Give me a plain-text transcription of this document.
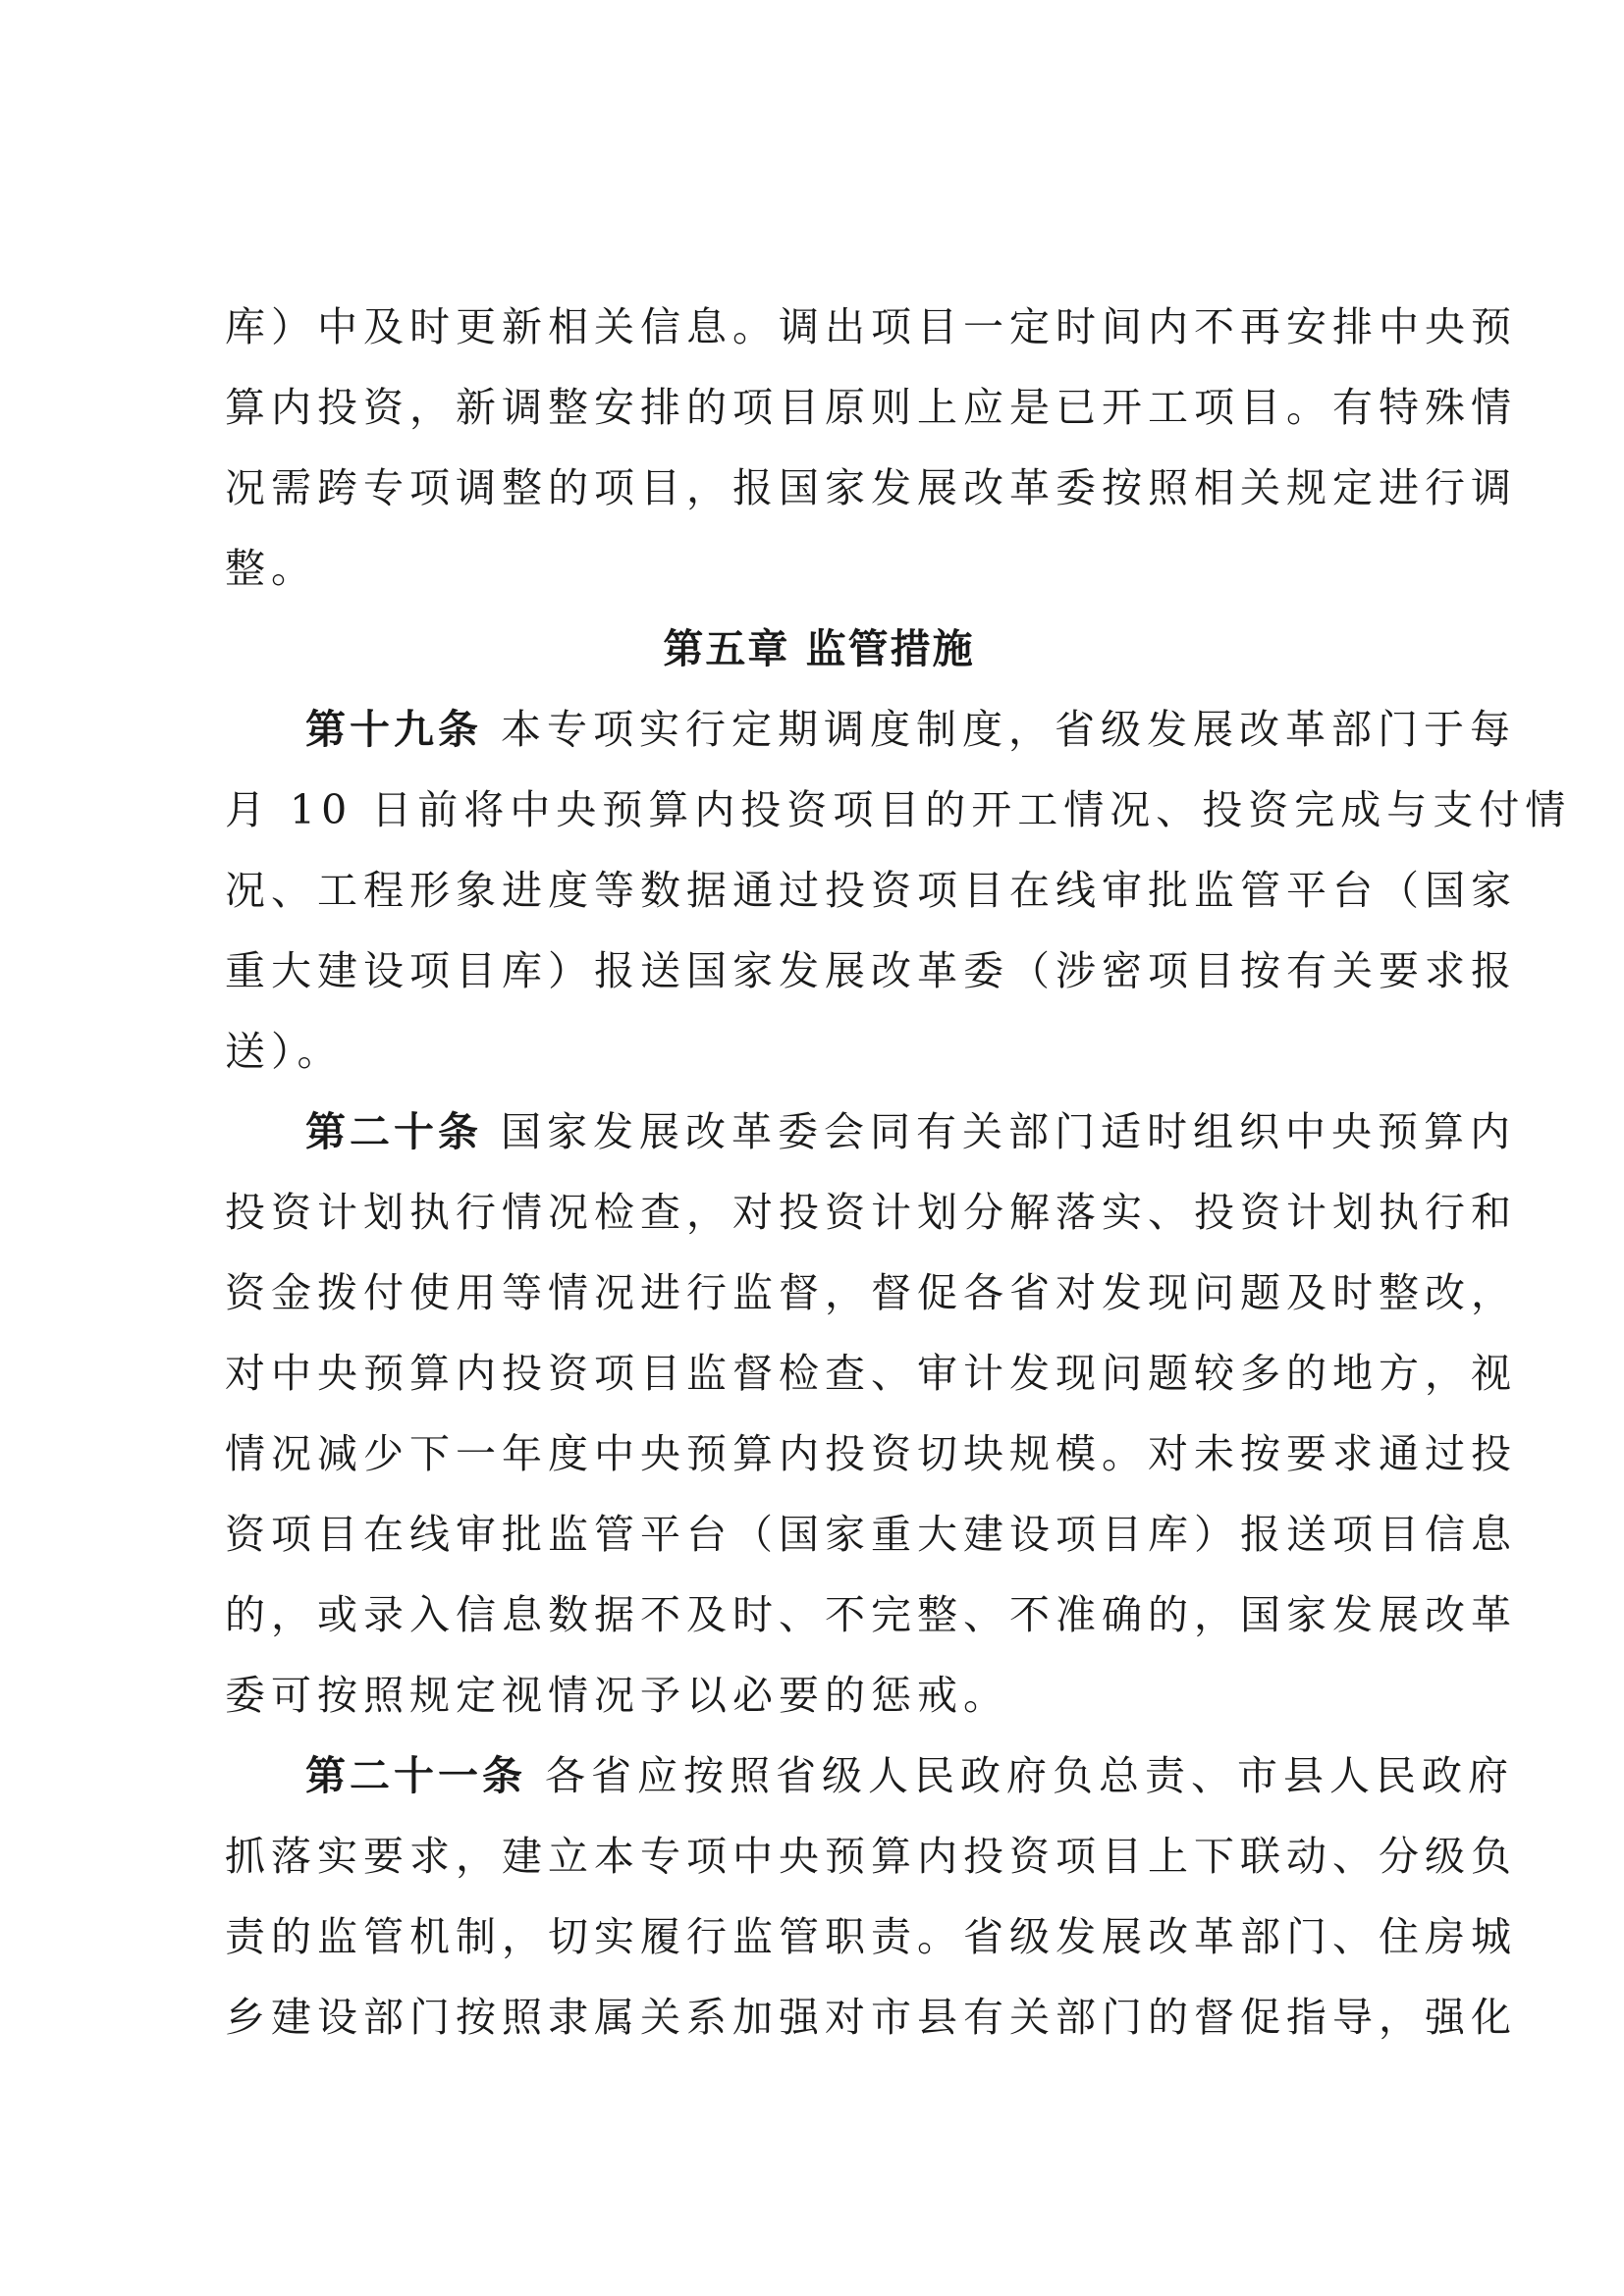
库）中及时更新相关信息。调出项目一定时间内不再安排中央预
算内投资，新调整安排的项目原则上应是已开工项目。有特殊情
况需跨专项调整的项目，报国家发展改革委按照相关规定进行调
整。
第五章 监管措施
第十九条 本专项实行定期调度制度，省级发展改革部门于每
月 10 日前将中央预算内投资项目的开工情况、投资完成与支付情
况、工程形象进度等数据通过投资项目在线审批监管平台（国家
重大建设项目库）报送国家发展改革委（涉密项目按有关要求报
送）。
第二十条 国家发展改革委会同有关部门适时组织中央预算内
投资计划执行情况检查，对投资计划分解落实、投资计划执行和
资金拨付使用等情况进行监督，督促各省对发现问题及时整改，
对中央预算内投资项目监督检查、审计发现问题较多的地方，视
情况减少下一年度中央预算内投资切块规模。对未按要求通过投
资项目在线审批监管平台（国家重大建设项目库）报送项目信息
的，或录入信息数据不及时、不完整、不准确的，国家发展改革
委可按照规定视情况予以必要的惩戒。
第二十一条 各省应按照省级人民政府负总责、市县人民政府
抓落实要求，建立本专项中央预算内投资项目上下联动、分级负
责的监管机制，切实履行监管职责。省级发展改革部门、住房城
乡建设部门按照隶属关系加强对市县有关部门的督促指导，强化
